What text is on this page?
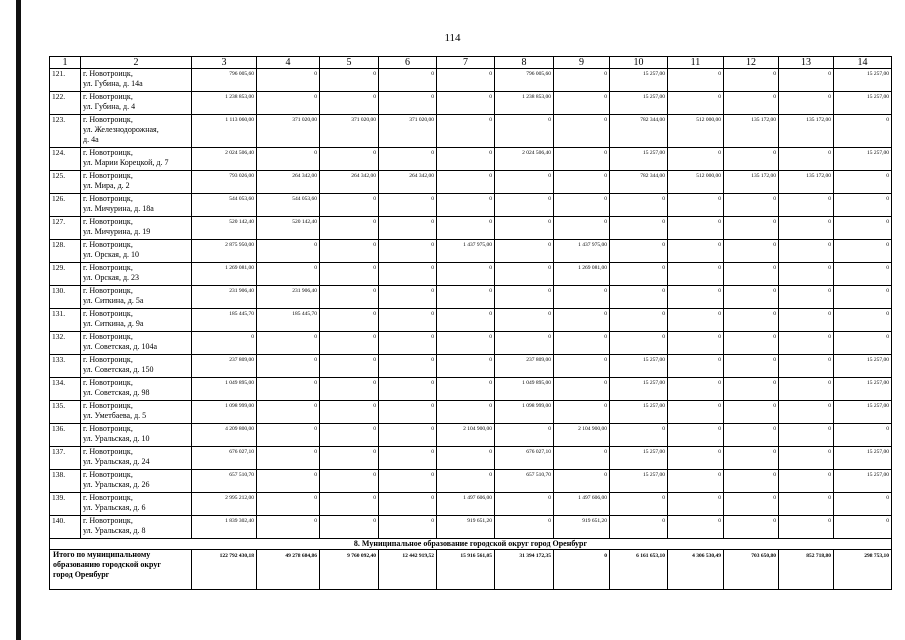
114
1	2	3	4	5	6	7	8	9	10	11	12	13	14
121.	г. Новотроицк,
ул. Губина, д. 14а	796 005,60	0	0	0	0	796 005,60	0	15 257,00	0	0	0	15 257,00
122.	г. Новотроицк,
ул. Губина, д. 4	1 238 853,00	0	0	0	0	1 238 853,00	0	15 257,00	0	0	0	15 257,00
123.	г. Новотроицк,
ул. Железнодорожная,
д. 4а	1 113 060,00	371 020,00	371 020,00	371 020,00	0	0	0	782 344,00	512 000,00	135 172,00	135 172,00	0
124.	г. Новотроицк,
ул. Марии Корецкой, д. 7	2 024 506,40	0	0	0	0	2 024 506,40	0	15 257,00	0	0	0	15 257,00
125.	г. Новотроицк,
ул. Мира, д. 2	793 026,00	264 342,00	264 342,00	264 342,00	0	0	0	782 344,00	512 000,00	135 172,00	135 172,00	0
126.	г. Новотроицк,
ул. Мичурина, д. 18а	544 053,60	544 053,60	0	0	0	0	0	0	0	0	0	0
127.	г. Новотроицк,
ул. Мичурина, д. 19	520 142,40	520 142,40	0	0	0	0	0	0	0	0	0	0
128.	г. Новотроицк,
ул. Орская, д. 10	2 875 950,00	0	0	0	1 437 975,00	0	1 437 975,00	0	0	0	0	0
129.	г. Новотроицк,
ул. Орская, д. 23	1 269 081,00	0	0	0	0	0	1 269 081,00	0	0	0	0	0
130.	г. Новотроицк,
ул. Ситкина, д. 5а	231 906,40	231 906,40	0	0	0	0	0	0	0	0	0	0
131.	г. Новотроицк,
ул. Ситкина, д. 9а	185 445,70	185 445,70	0	0	0	0	0	0	0	0	0	0
132.	г. Новотроицк,
ул. Советская, д. 104а	0	0	0	0	0	0	0	0	0	0	0	0
133.	г. Новотроицк,
ул. Советская, д. 150	237 809,00	0	0	0	0	237 809,00	0	15 257,00	0	0	0	15 257,00
134.	г. Новотроицк,
ул. Советская, д. 98	1 049 895,00	0	0	0	0	1 049 895,00	0	15 257,00	0	0	0	15 257,00
135.	г. Новотроицк,
ул. Уметбаева, д. 5	1 098 999,00	0	0	0	0	1 098 999,00	0	15 257,00	0	0	0	15 257,00
136.	г. Новотроицк,
ул. Уральская, д. 10	4 209 800,00	0	0	0	2 104 900,00	0	2 104 900,00	0	0	0	0	0
137.	г. Новотроицк,
ул. Уральская, д. 24	676 027,10	0	0	0	0	676 027,10	0	15 257,00	0	0	0	15 257,00
138.	г. Новотроицк,
ул. Уральская, д. 26	657 510,70	0	0	0	0	657 510,70	0	15 257,00	0	0	0	15 257,00
139.	г. Новотроицк,
ул. Уральская, д. 6	2 995 212,00	0	0	0	1 497 606,00	0	1 497 606,00	0	0	0	0	0
140.	г. Новотроицк,
ул. Уральская, д. 8	1 839 302,40	0	0	0	919 651,20	0	919 651,20	0	0	0	0	0
8. Муниципальное образование городской округ город Оренбург													

Итого по муниципальному
образованию городской округ
город Оренбург		122 792 430,18	49 278 684,86	9 760 092,40	12 442 919,52	15 916 561,05	31 394 172,35	0	6 161 653,10	4 306 530,49	703 650,80	852 718,80	298 753,10
